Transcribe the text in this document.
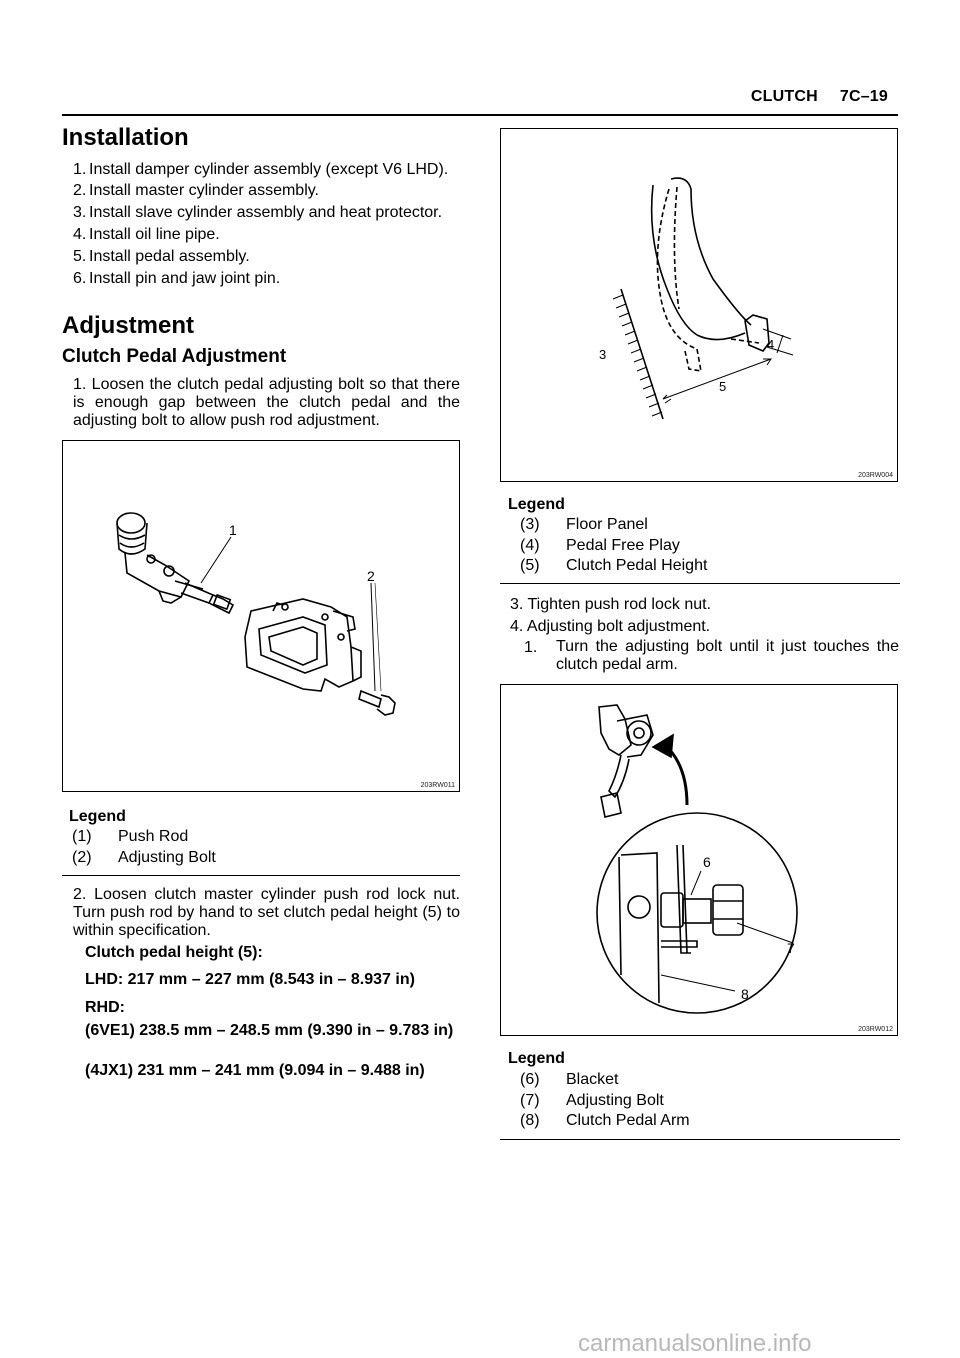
CLUTCH 7C–19
Installation
1. Install damper cylinder assembly (except V6 LHD).
2. Install master cylinder assembly.
3. Install slave cylinder assembly and heat protector.
4. Install oil line pipe.
5. Install pedal assembly.
6. Install pin and jaw joint pin.
Adjustment
Clutch Pedal Adjustment
1. Loosen the clutch pedal adjusting bolt so that there is enough gap between the clutch pedal and the adjusting bolt to allow push rod adjustment.
1
2
203RW011
Legend
(1) Push Rod
(2) Adjusting Bolt
2. Loosen clutch master cylinder push rod lock nut. Turn push rod by hand to set clutch pedal height (5) to within specification.
Clutch pedal height (5):
LHD: 217 mm – 227 mm (8.543 in – 8.937 in)
RHD:
(6VE1) 238.5 mm – 248.5 mm (9.390 in – 9.783 in)
(4JX1) 231 mm – 241 mm (9.094 in – 9.488 in)
3
4
5
203RW004
Legend
(3) Floor Panel
(4) Pedal Free Play
(5) Clutch Pedal Height
3. Tighten push rod lock nut.
4. Adjusting bolt adjustment.
1. Turn the adjusting bolt until it just touches the clutch pedal arm.
6
7
8
203RW012
Legend
(6) Blacket
(7) Adjusting Bolt
(8) Clutch Pedal Arm
carmanualsonline.info
